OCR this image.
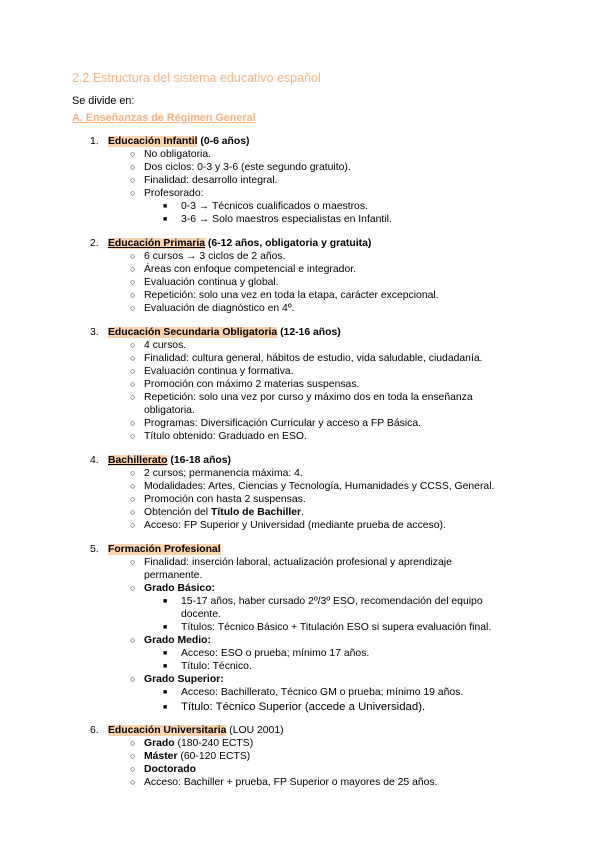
2.2 Estructura del sistema educativo español
Se divide en:
A. Enseñanzas de Régimen General
1. Educación Infantil (0-6 años)
○ No obligatoria.
○ Dos ciclos: 0-3 y 3-6 (este segundo gratuito).
○ Finalidad: desarrollo integral.
○ Profesorado:
■ 0-3 → Técnicos cualificados o maestros.
■ 3-6 → Solo maestros especialistas en Infantil.
2. Educación Primaria (6-12 años, obligatoria y gratuita)
○ 6 cursos → 3 ciclos de 2 años.
○ Áreas con enfoque competencial e integrador.
○ Evaluación continua y global.
○ Repetición: solo una vez en toda la etapa, carácter excepcional.
○ Evaluación de diagnóstico en 4º.
3. Educación Secundaria Obligatoria (12-16 años)
○ 4 cursos.
○ Finalidad: cultura general, hábitos de estudio, vida saludable, ciudadanía.
○ Evaluación continua y formativa.
○ Promoción con máximo 2 materias suspensas.
○ Repetición: solo una vez por curso y máximo dos en toda la enseñanza obligatoria.
○ Programas: Diversificación Curricular y acceso a FP Básica.
○ Título obtenido: Graduado en ESO.
4. Bachillerato (16-18 años)
○ 2 cursos; permanencia máxima: 4.
○ Modalidades: Artes, Ciencias y Tecnología, Humanidades y CCSS, General.
○ Promoción con hasta 2 suspensas.
○ Obtención del Título de Bachiller.
○ Acceso: FP Superior y Universidad (mediante prueba de acceso).
5. Formación Profesional
○ Finalidad: inserción laboral, actualización profesional y aprendizaje permanente.
○ Grado Básico:
■ 15-17 años, haber cursado 2º/3º ESO, recomendación del equipo docente.
■ Títulos: Técnico Básico + Titulación ESO si supera evaluación final.
○ Grado Medio:
■ Acceso: ESO o prueba; mínimo 17 años.
■ Título: Técnico.
○ Grado Superior:
■ Acceso: Bachillerato, Técnico GM o prueba; mínimo 19 años.
■ Título: Técnico Superior (accede a Universidad).
6. Educación Universitaria (LOU 2001)
○ Grado (180-240 ECTS)
○ Máster (60-120 ECTS)
○ Doctorado
○ Acceso: Bachiller + prueba, FP Superior o mayores de 25 años.
